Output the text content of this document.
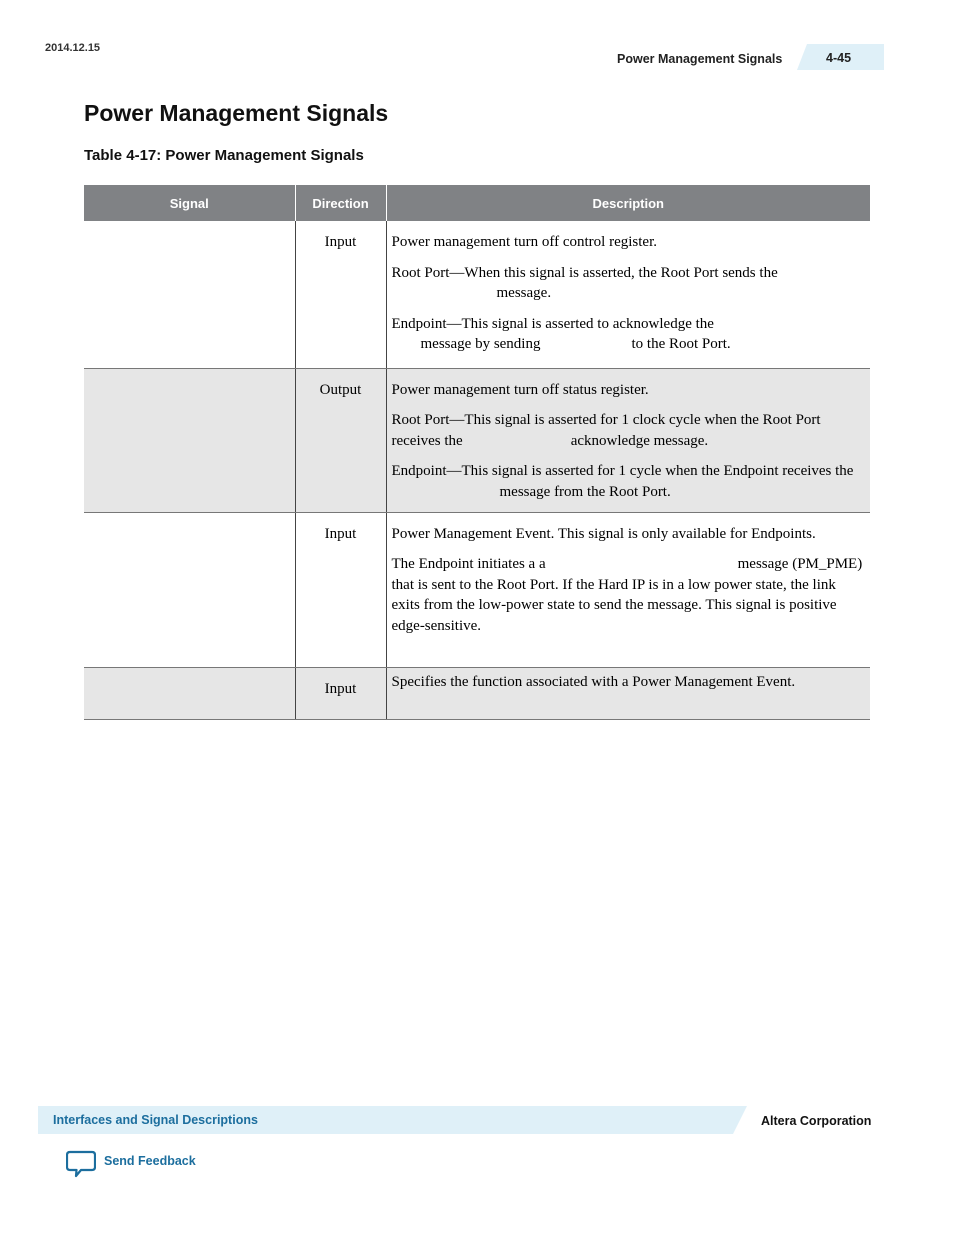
2014.12.15
Power Management Signals	4-45
Power Management Signals
Table 4-17: Power Management Signals
Signal	Direction	Description
	Input	Power management turn off control register.

Root Port—When this signal is asserted, the Root Port sends the
message.

Endpoint—This signal is asserted to acknowledge the
message by sending to the Root Port.

	Output	Power management turn off status register.

Root Port—This signal is asserted for 1 clock cycle when the Root Port receives the acknowledge message.

Endpoint—This signal is asserted for 1 cycle when the Endpoint receives themessage from the Root Port.

	Input	Power Management Event. This signal is only available for Endpoints.

The Endpoint initiates a a message (PM_PME) that is sent to the Root Port. If the Hard IP is in a low power state, the link exits from the low-power state to send the message. This signal is positive edge-sensitive.

	Input	Specifies the function associated with a Power Management Event.

Interfaces and Signal Descriptions	Altera Corporation
Send Feedback
